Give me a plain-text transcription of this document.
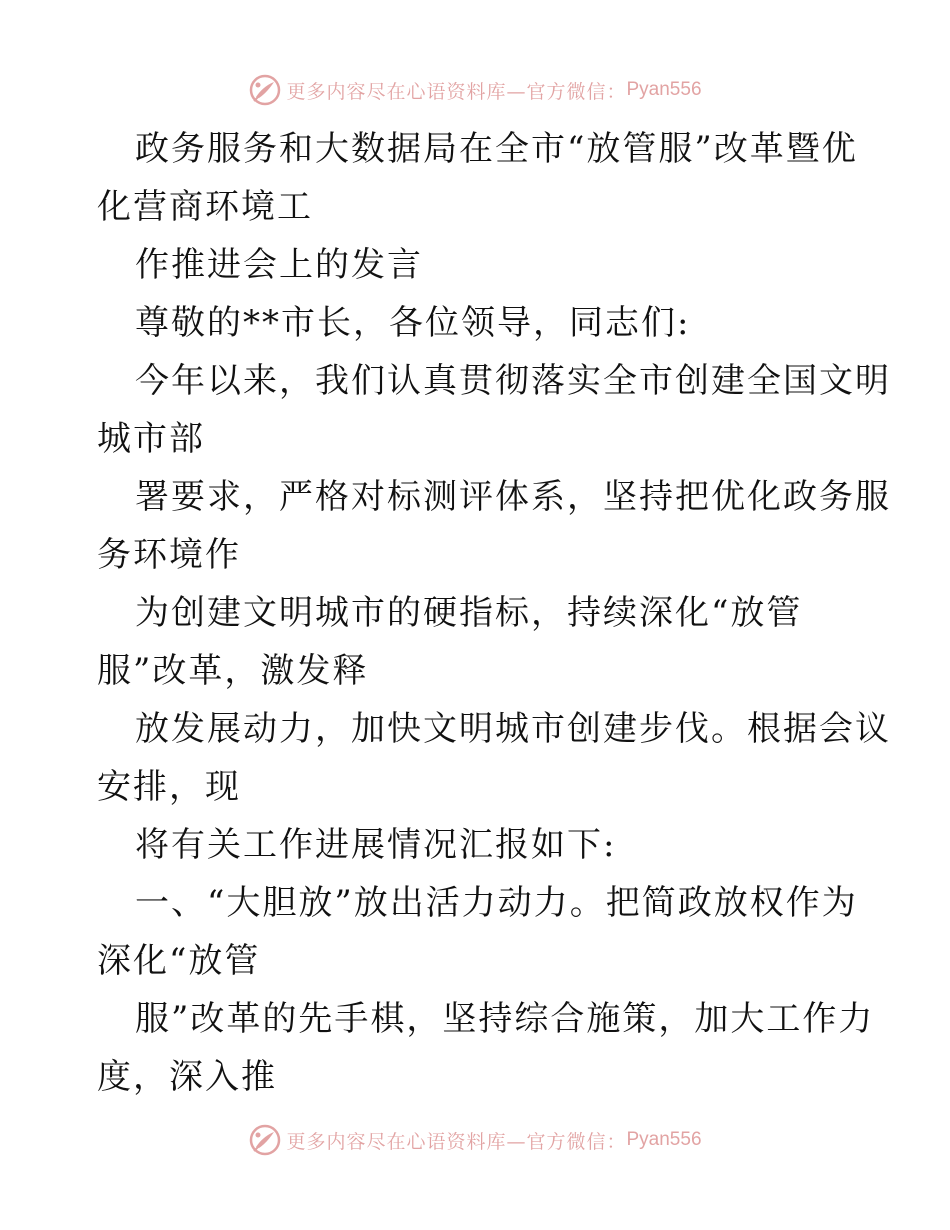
更多内容尽在心语资料库—官方微信： Pyan556

政务服务和大数据局在全市“放管服”改革暨优

化营商环境工

作推进会上的发言

尊敬的**市长，各位领导，同志们:

今年以来，我们认真贯彻落实全市创建全国文明

城市部

署要求，严格对标测评体系，坚持把优化政务服

务环境作

为创建文明城市的硬指标，持续深化“放管

服”改革，激发释

放发展动力，加快文明城市创建步伐。根据会议

安排，现

将有关工作进展情况汇报如下:

一、“大胆放”放出活力动力。把简政放权作为

深化“放管

服”改革的先手棋，坚持综合施策，加大工作力

度，深入推

更多内容尽在心语资料库—官方微信： Pyan556
